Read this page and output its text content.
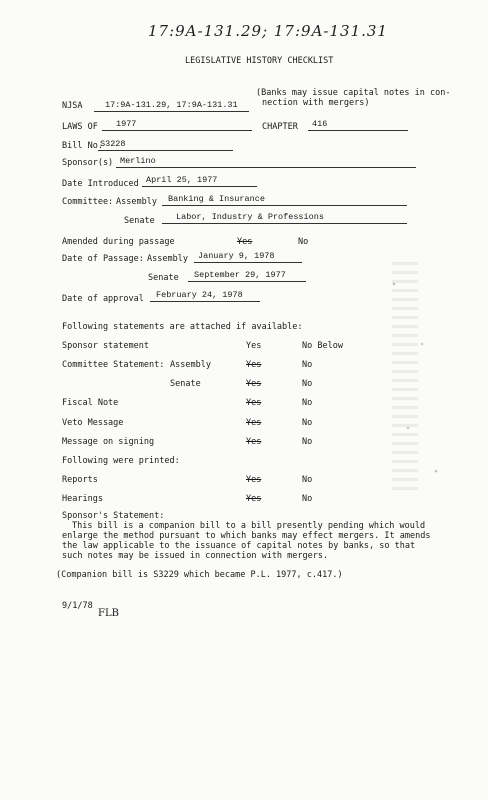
17:9A-131.29; 17:9A-131.31
LEGISLATIVE HISTORY CHECKLIST
NJSA	17:9A-131.29, 17:9A-131.31
(Banks may issue capital notes in con-
nection with mergers)
LAWS OF 1977	CHAPTER 416
Bill No.
S3228
Sponsor(s) Merlino
Date Introduced April 25, 1977
Committee: Assembly Banking & Insurance
Senate	Labor, Industry & Professions
Amended during passage	Yes	No
Date of Passage: Assembly January 9, 1978
Senate September 29, 1977
Date of approval February 24, 1978
Following statements are attached if available:
Sponsor statement	Yes	No Below
Committee Statement: Assembly	Yes	No
Senate	Yes	No
Fiscal Note	Yes	No
Veto Message	Yes	No
Message on signing	Yes	No
Following were printed:
Reports	Yes	No
Hearings	Yes	No
Sponsor's Statement:
This bill is a companion bill to a bill presently pending which would
enlarge the method pursuant to which banks may effect mergers. It amends
the law applicable to the issuance of capital notes by banks, so that
such notes may be issued in connection with mergers.
(Companion bill is S3229 which became P.L. 1977, c.417.)
9/1/78
FLB
